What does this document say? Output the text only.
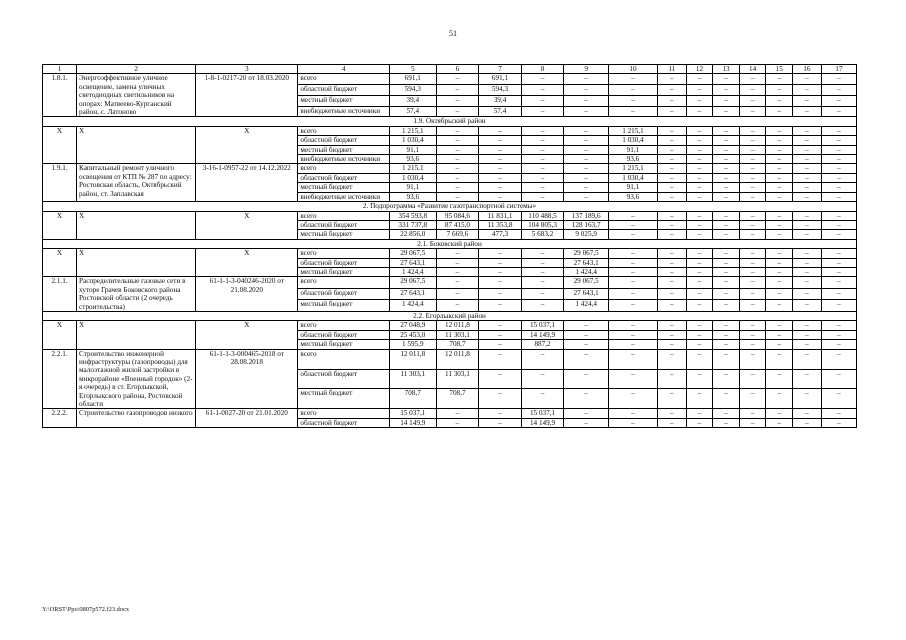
51
1	2	3	4	5	6	7	8	9	10	11	12	13	14	15	16	17
1.8.1.	Энергоэффективное уличное освещение, замена уличных светодиодных светильников на опорах: Матвеево-Курганский район, с. Латоново	1-8-1-0217-20 от 18.03.2020	всего	691,1	–	691,1	–	–	–	–	–	–	–	–	–	–
			областной бюджет	594,3	–	594,3	–	–	–	–	–	–	–	–	–	–
			местный бюджет	39,4	–	39,4	–	–	–	–	–	–	–	–	–	–
			внебюджетные источники	57,4	–	57,4	–	–	–	–	–	–	–	–	–	–
1.9. Октябрьский район																
Х	Х	Х	всего	1 215,1	–	–	–	–	1 215,1	–	–	–	–	–	–	–
			областной бюджет	1 030,4	–	–	–	–	1 030,4	–	–	–	–	–	–	–
			местный бюджет	91,1	–	–	–	–	91,1	–	–	–	–	–	–	–
			внебюджетные источники	93,6	–	–	–	–	93,6	–	–	–	–	–	–	–
1.9.1.	Капитальный ремонт уличного освещения от КТП № 287 по адресу: Ростовская область, Октябрьский район, ст. Заплавская	3-16-1-0957-22 от 14.12.2022	всего	1 215,1	–	–	–	–	1 215,1	–	–	–	–	–	–	–
			областной бюджет	1 030,4	–	–	–	–	1 030,4	–	–	–	–	–	–	–
			местный бюджет	91,1	–	–	–	–	91,1	–	–	–	–	–	–	–
			внебюджетные источники	93,6	–	–	–	–	93,6	–	–	–	–	–	–	–
2. Подпрограмма «Развитие газотранспортной системы»																
Х	Х	Х	всего	354 593,8	95 084,6	11 831,1	110 488,5	137 189,6	–	–	–	–	–	–	–	–
			областной бюджет	331 737,8	87 415,0	11 353,8	104 805,3	128 163,7	–	–	–	–	–	–	–	–
			местный бюджет	22 856,0	7 669,6	477,3	5 683,2	9 025,9	–	–	–	–	–	–	–	–
2.1. Боковский район																
Х	Х	Х	всего	29 067,5	–	–	–	29 067,5	–	–	–	–	–	–	–	–
			областной бюджет	27 643,1	–	–	–	27 643,1	–	–	–	–	–	–	–	–
			местный бюджет	1 424,4	–	–	–	1 424,4	–	–	–	–	–	–	–	–
2.1.1.	Распределительные газовые сети в хуторе Грачев Боковского района Ростовской области (2 очередь строительства)	61-1-1-3-040246-2020 от 21.08.2020	всего	29 067,5	–	–	–	29 067,5	–	–	–	–	–	–	–	–
			областной бюджет	27 643,1	–	–	–	27 643,1	–	–	–	–	–	–	–	–
			местный бюджет	1 424,4	–	–	–	1 424,4	–	–	–	–	–	–	–	–
2.2. Егорлыкский район																
Х	Х	Х	всего	27 048,9	12 011,8	–	15 037,1	–	–	–	–	–	–	–	–	–
			областной бюджет	25 453,0	11 303,1	–	14 149,9	–	–	–	–	–	–	–	–	–
			местный бюджет	1 595,9	708,7	–	887,2	–	–	–	–	–	–	–	–	–
2.2.1.	Строительство инженерной инфраструктуры (газопроводы) для малоэтажной жилой застройки в микрорайоне «Военный городок» (2-я очередь) в ст. Егорлыкской, Егорлыкского района, Ростовской области	61-1-1-3-000465-2018 от 28.08.2018	всего	12 011,8	12 011,8	–	–	–	–	–	–	–	–	–	–	–
			областной бюджет	11 303,1	11 303,1	–	–	–	–	–	–	–	–	–	–	–
			местный бюджет	708,7	708,7	–	–	–	–	–	–	–	–	–	–	–
2.2.2.	Строительство газопроводов низкого	61-1-0027-20 от 21.01.2020	всего	15 037,1	–	–	15 037,1	–	–	–	–	–	–	–	–	–
			областной бюджет	14 149,9	–	–	14 149,9	–	–	–	–	–	–	–	–	–
Y:\ORST\Ppo\0807p572.f23.docx
